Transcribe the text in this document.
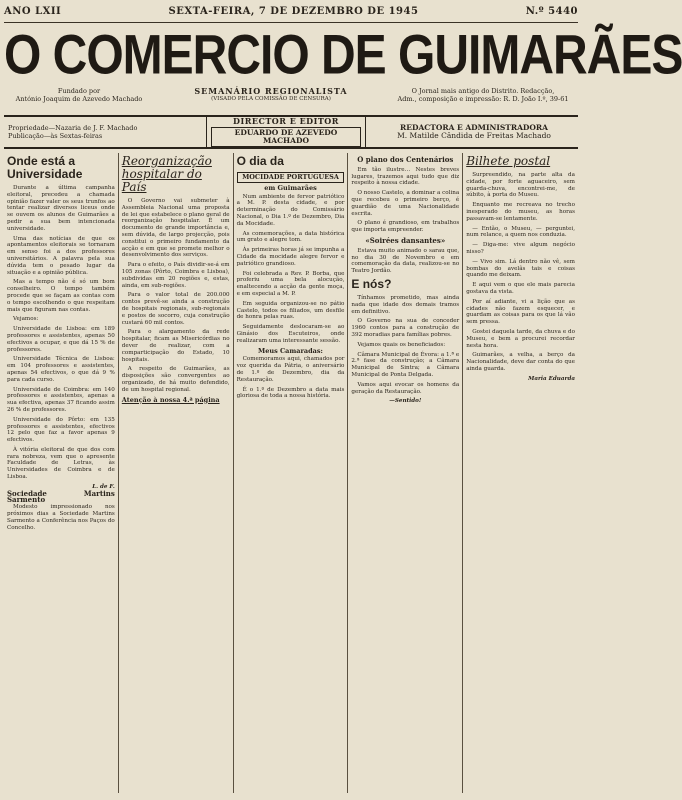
ANO LXII	SEXTA-FEIRA, 7 DE DEZEMBRO DE 1945	N.º 5440
O COMERCIO DE GUIMARÃES
Fundado por
António Joaquim de Azevedo Machado
SEMANÁRIO REGIONALISTA
(VISADO PELA COMISSÃO DE CENSURA)
O Jornal mais antigo do Distrito. Redacção,
Adm., composição e impressão: R. D. João I.º, 39-61
Propriedade—Nazaria de J. F. Machado
Publicação—às Sextas-feiras
DIRECTOR E EDITOR
EDUARDO DE AZEVEDO MACHADO
REDACTORA E ADMINISTRADORA
M. Matilde Cândida de Freitas Machado
Onde está a Universidade

Durante a última campanha eleitoral, precedeu a chamada opinião fazer valer os seus trunfos ao tentar realizar diversos liceus onde se ouvem os alunos de Guimarães a pedir a sua bem intencionada universidade.

Uma das notícias de que os apontamentos eleitorais se tornaram em senso foi a dos professores universitários. A palavra pela sua dúvida tem o pesado lugar da situação e a opinião pública.

Mas a tempo não é só um bom conselheiro. O tempo também procede que se façam as contas com o tempo escolhendo o que respeitam mais que figuram nas contas.

Vejamos:

Universidade de Lisboa: em 189 professores e assistentes, apenas 50 efectivos a ocupar, e que dá 15 % de professores.

Universidade Técnica de Lisboa: em 104 professores e assistentes, apenas 54 efectivos, o que dá 9 % para cada curso.

Universidade de Coimbra: em 140 professores e assistentes, apenas a sua efectiva, apenas 37 ficando assim 26 % de professores.

Universidade do Pôrto: em 135 professores e assistentes, efectivos 12 pelo que faz a favor apenas 9 efectivos.

À vitória eleitoral de que dos com rara nobreza, vem que o apresente Faculdade de Letras, às Universidades de Coimbra e de Lisboa.

L. de F.
Sociedade Martins Sarmento

Modesto impressionado nos próximos dias a Sociedade Martins Sarmento a Conferência nos Paços do Concelho.

Reorganização hospitalar do País

O Governo vai submeter à Assembleia Nacional uma proposta de lei que estabelece o plano geral de reorganização hospitalar. É um documento de grande importância e, sem dúvida, de largo projecção, pois constitui o primeiro fundamento da acção e em que se promete melhor o desenvolvimento dos serviços.

Para o efeito, o País dividir-se-á em 105 zonas (Pôrto, Coimbra e Lisboa), subdividas em 20 regiões e, estas, ainda, em sub-regiões.

Para o valor total de 200.000 contos prevê-se ainda a construção de hospitais regionais, sub-regionais e postos de socorro, cuja construção custará 60 mil contos.

Para o alargamento da rede hospitalar, ficam as Misericórdias no dever de realizar, com a comparticipação do Estado, 10 hospitais.

A respeito de Guimarães, as disposições são convergentes ao organizado, de há muito defendido, de um hospital regional.

Atenção à nossa 4.ª página
O dia da
MOCIDADE PORTUGUESA
em Guimarães

Num ambiente de fervor patriótico a M. P. desta cidade, e por determinação do Comissário Nacional, o Dia 1.º de Dezembro, Dia da Mocidade.

As comemorações, a data histórica um grato e alegre tom.

Às primeiras horas já se impunha a Cidade da mocidade alegre fervor e patriótico grandioso.

Foi celebrada a Rev. P. Borba, que proferiu uma bela alocução, enaltecendo a acção da gente moça, e em especial a M. P.

Em seguida organizou-se no pátio Castelo, todos os filiados, um desfile de honra pelas ruas.

Seguidamente deslocaram-se ao Ginásio dos Escuteiros, onde realizaram uma interessante sessão.

Meus Camaradas:

Comemoramos aqui, chamados por voz querida da Pátria, o aniversário de 1.º de Dezembro, dia da Restauração.

É o 1.º de Dezembro a data mais gloriosa de toda a nossa história.

O plano dos Centenários

Em tão ilustre… Nestes breves lugares, trazemos aqui tudo que diz respeito à nossa cidade.

O nosso Castelo, a dominar a colina que recebeu o primeiro berço, é guardião de uma Nacionalidade escrita.

O plano é grandioso, em trabalhos que importa empreender.

«Soirées dansantes»

Estava muito animado o sarau que, no dia 30 de Novembro e em comemoração da data, realizou-se no Teatro Jordão.

E nós?

Tínhamos prometido, mas ainda nada que idade dos demais tramos em definitivo.

O Governo na sua de conceder 1960 contos para a construção de 392 moradias para famílias pobres.

Vejamos quais os beneficiados:

Câmara Municipal de Évora: a 1.ª e 2.ª fase da construção; a Câmara Municipal de Sintra; a Câmara Municipal de Ponta Delgada.

Vamos aqui evocar os homens da geração da Restauração.

—Sentido!
Bilhete postal

Surpreendido, na parte alta da cidade, por forte aguaceiro, sem guarda-chuva, encontrei-me, de súbito, à porta do Museu.

Enquanto me recreava no trecho inesperado do museu, as horas passavam-se lentamente.

— Então, o Museu, — perguntei, num relance, a quem nos conduzia.

— Diga-me: vive algum negócio nisso?

— Vivo sim. Lá dentro não vê, sem bombas do avelâs tais e coisas quando me deixam.

E aqui vem o que ele mais parecia gostava da vista.

Por aí adiante, vi a lição que as cidades não fazem esquecer, e guardam as coisas para os que lá vão sem pressa.

Gostei daquela tarde, da chuva e do Museu, e bem a procurei recordar nesta hora.

Guimarães, a velha, a berço da Nacionalidade, deve dar conta do que ainda guarda.

Maria Eduarda
